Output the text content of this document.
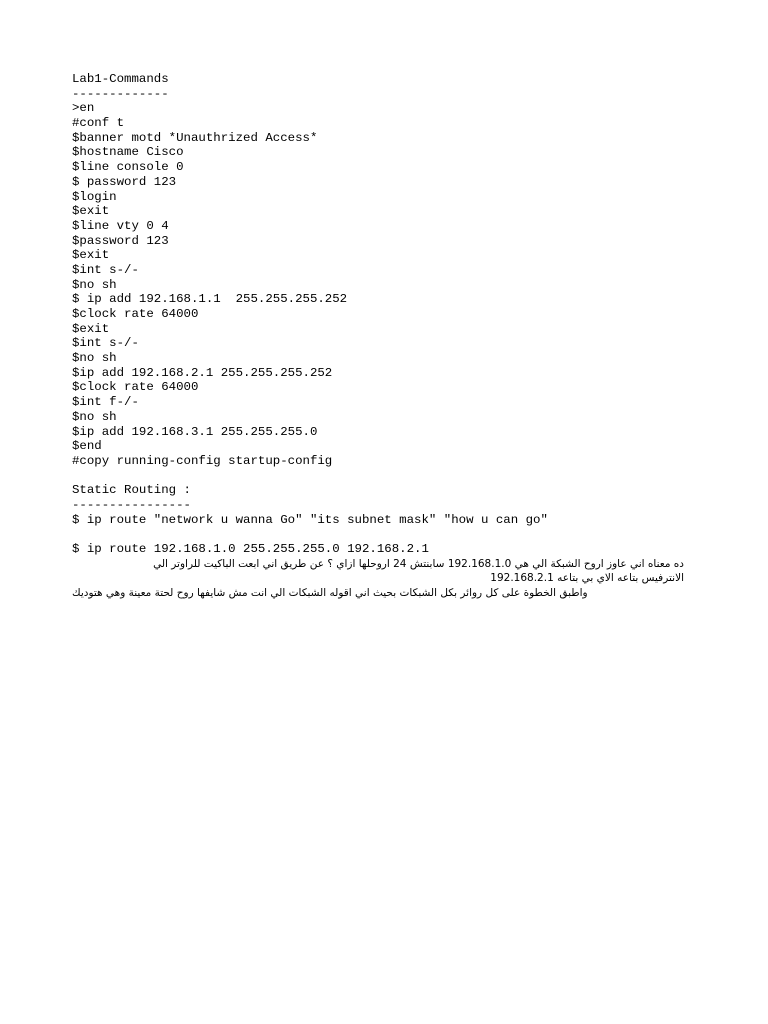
Lab1-Commands
-------------
>en
#conf t
$banner motd *Unauthrized Access*
$hostname Cisco
$line console 0
$ password 123
$login
$exit
$line vty 0 4
$password 123
$exit
$int s-/-
$no sh
$ ip add 192.168.1.1  255.255.255.252
$clock rate 64000
$exit
$int s-/-
$no sh
$ip add 192.168.2.1 255.255.255.252
$clock rate 64000
$int f-/-
$no sh
$ip add 192.168.3.1 255.255.255.0
$end
#copy running-config startup-config
Static Routing :
----------------
$ ip route "network u wanna Go" "its subnet mask" "how u can go"
$ ip route 192.168.1.0 255.255.255.0 192.168.2.1
ده معناه اني عاوز اروح الشبكة الي هي 192.168.1.0 سابنتش 24 اروحلها ازاي ؟ عن طريق اني ابعت الباكيت للراوتر الي
الانترفيس بتاعه الاي بي بتاعه 192.168.2.1
واطبق الخطوة على كل روائر بكل الشبكات بحيث اني اقوله الشبكات الي انت مش شايفها روح لحتة معينة وهي هتوديك
